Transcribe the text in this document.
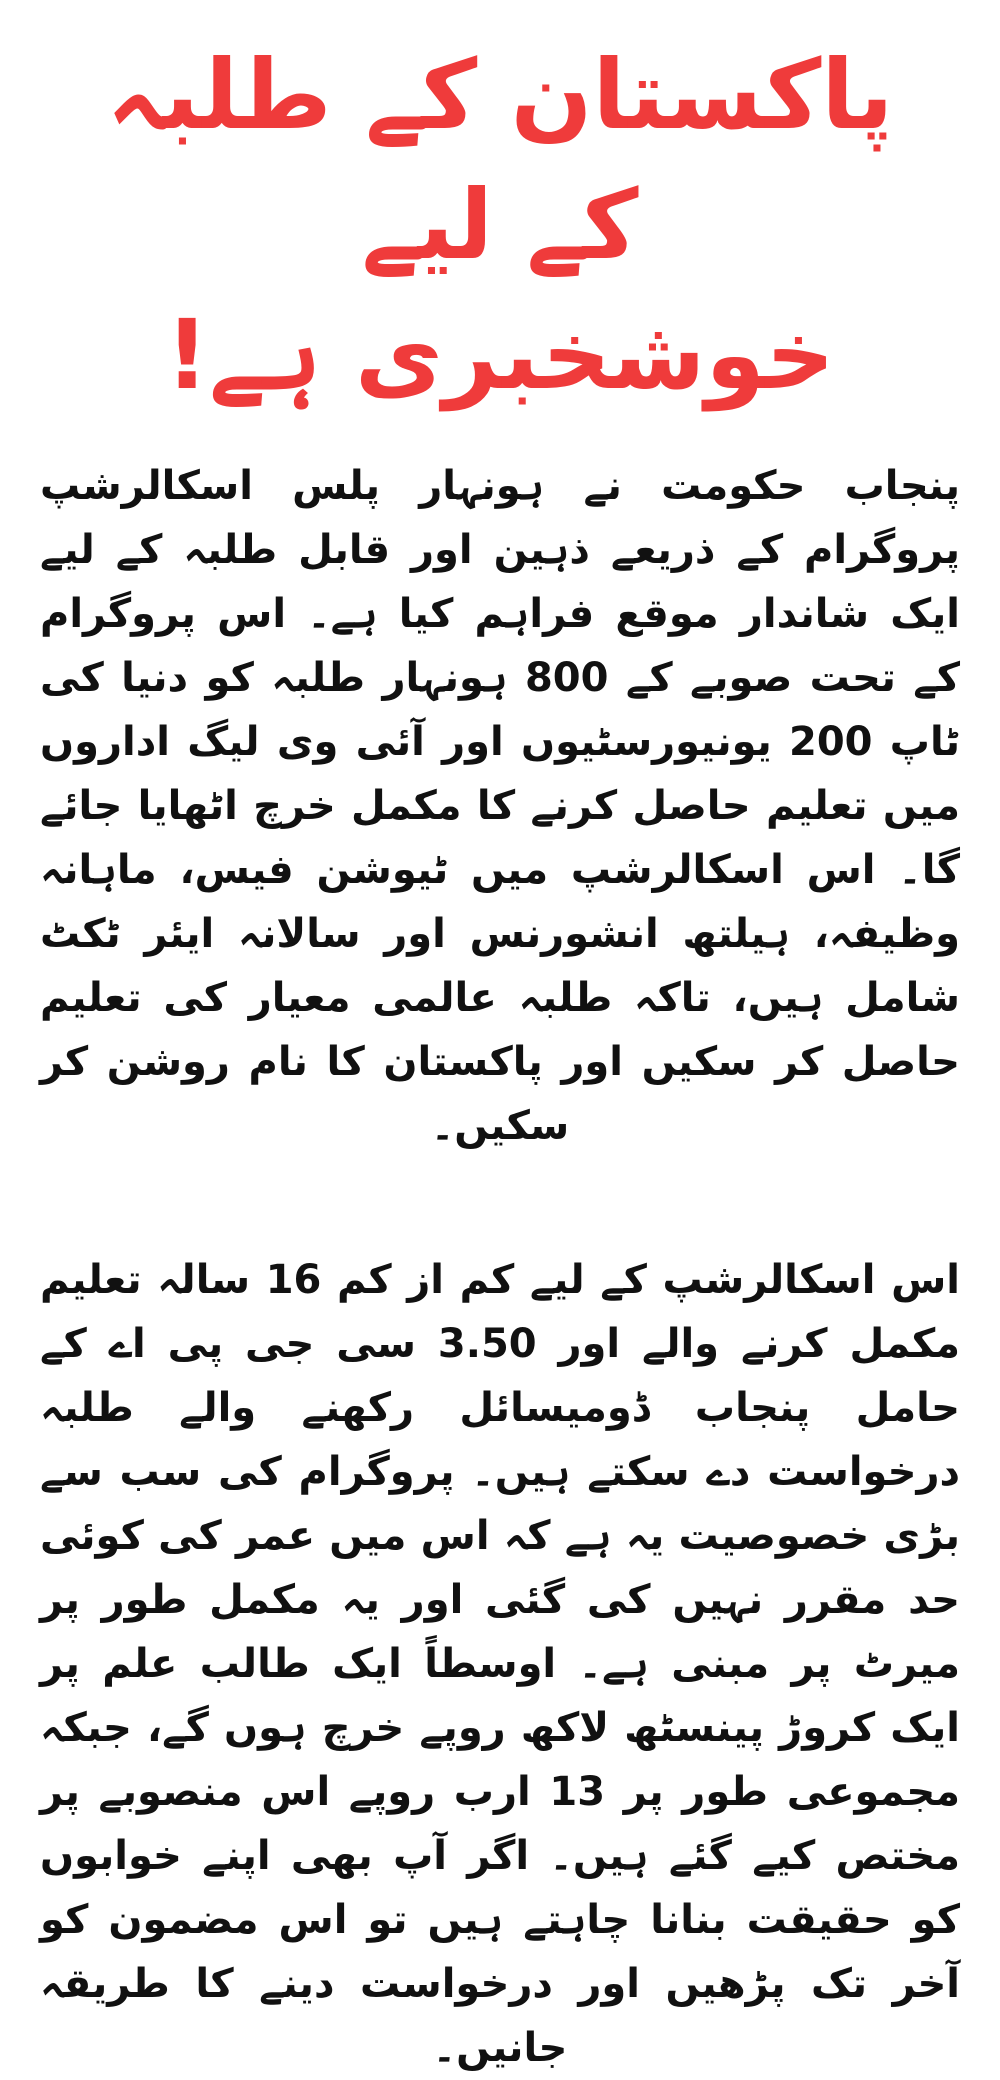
پاکستان کے طلبہ کے لیے
خوشخبری ہے!

پنجاب حکومت نے ہونہار پلس اسکالرشپ پروگرام کے ذریعے ذہین اور قابل طلبہ کے لیے ایک شاندار موقع فراہم کیا ہے۔ اس پروگرام کے تحت صوبے کے 800 ہونہار طلبہ کو دنیا کی ٹاپ 200 یونیورسٹیوں اور آئی وی لیگ اداروں میں تعلیم حاصل کرنے کا مکمل خرچ اٹھایا جائے گا۔ اس اسکالرشپ میں ٹیوشن فیس، ماہانہ وظیفہ، ہیلتھ انشورنس اور سالانہ ایئر ٹکٹ شامل ہیں، تاکہ طلبہ عالمی معیار کی تعلیم حاصل کر سکیں اور پاکستان کا نام روشن کر سکیں۔

اس اسکالرشپ کے لیے کم از کم 16 سالہ تعلیم مکمل کرنے والے اور 3.50 سی جی پی اے کے حامل پنجاب ڈومیسائل رکھنے والے طلبہ درخواست دے سکتے ہیں۔ پروگرام کی سب سے بڑی خصوصیت یہ ہے کہ اس میں عمر کی کوئی حد مقرر نہیں کی گئی اور یہ مکمل طور پر میرٹ پر مبنی ہے۔ اوسطاً ایک طالب علم پر ایک کروڑ پینسٹھ لاکھ روپے خرچ ہوں گے، جبکہ مجموعی طور پر 13 ارب روپے اس منصوبے پر مختص کیے گئے ہیں۔ اگر آپ بھی اپنے خوابوں کو حقیقت بنانا چاہتے ہیں تو اس مضمون کو آخر تک پڑھیں اور درخواست دینے کا طریقہ جانیں۔
